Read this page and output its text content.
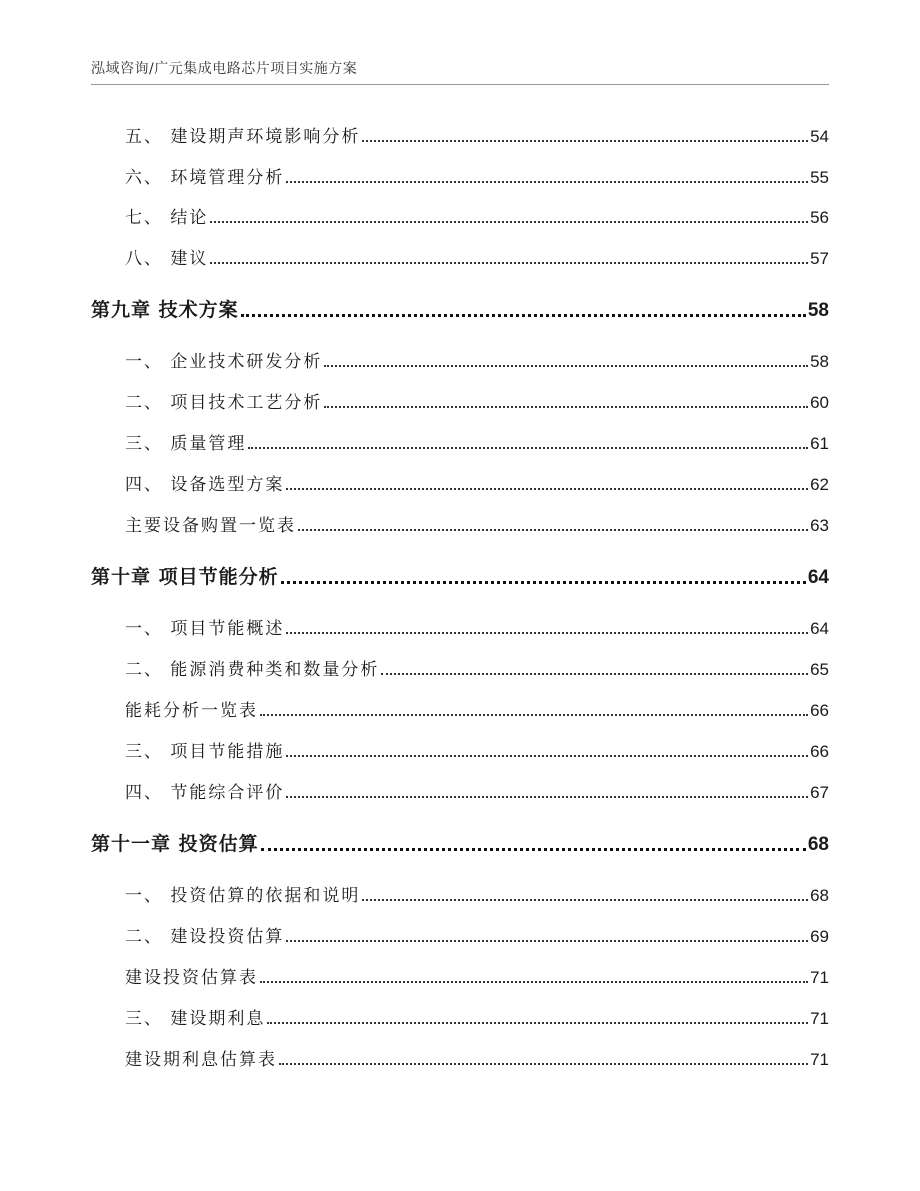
泓域咨询/广元集成电路芯片项目实施方案
五、 建设期声环境影响分析	54
六、 环境管理分析	55
七、 结论	56
八、 建议	57
第九章 技术方案	58
一、 企业技术研发分析	58
二、 项目技术工艺分析	60
三、 质量管理	61
四、 设备选型方案	62
主要设备购置一览表	63
第十章 项目节能分析	64
一、 项目节能概述	64
二、 能源消费种类和数量分析	65
能耗分析一览表	66
三、 项目节能措施	66
四、 节能综合评价	67
第十一章 投资估算	68
一、 投资估算的依据和说明	68
二、 建设投资估算	69
建设投资估算表	71
三、 建设期利息	71
建设期利息估算表	71
